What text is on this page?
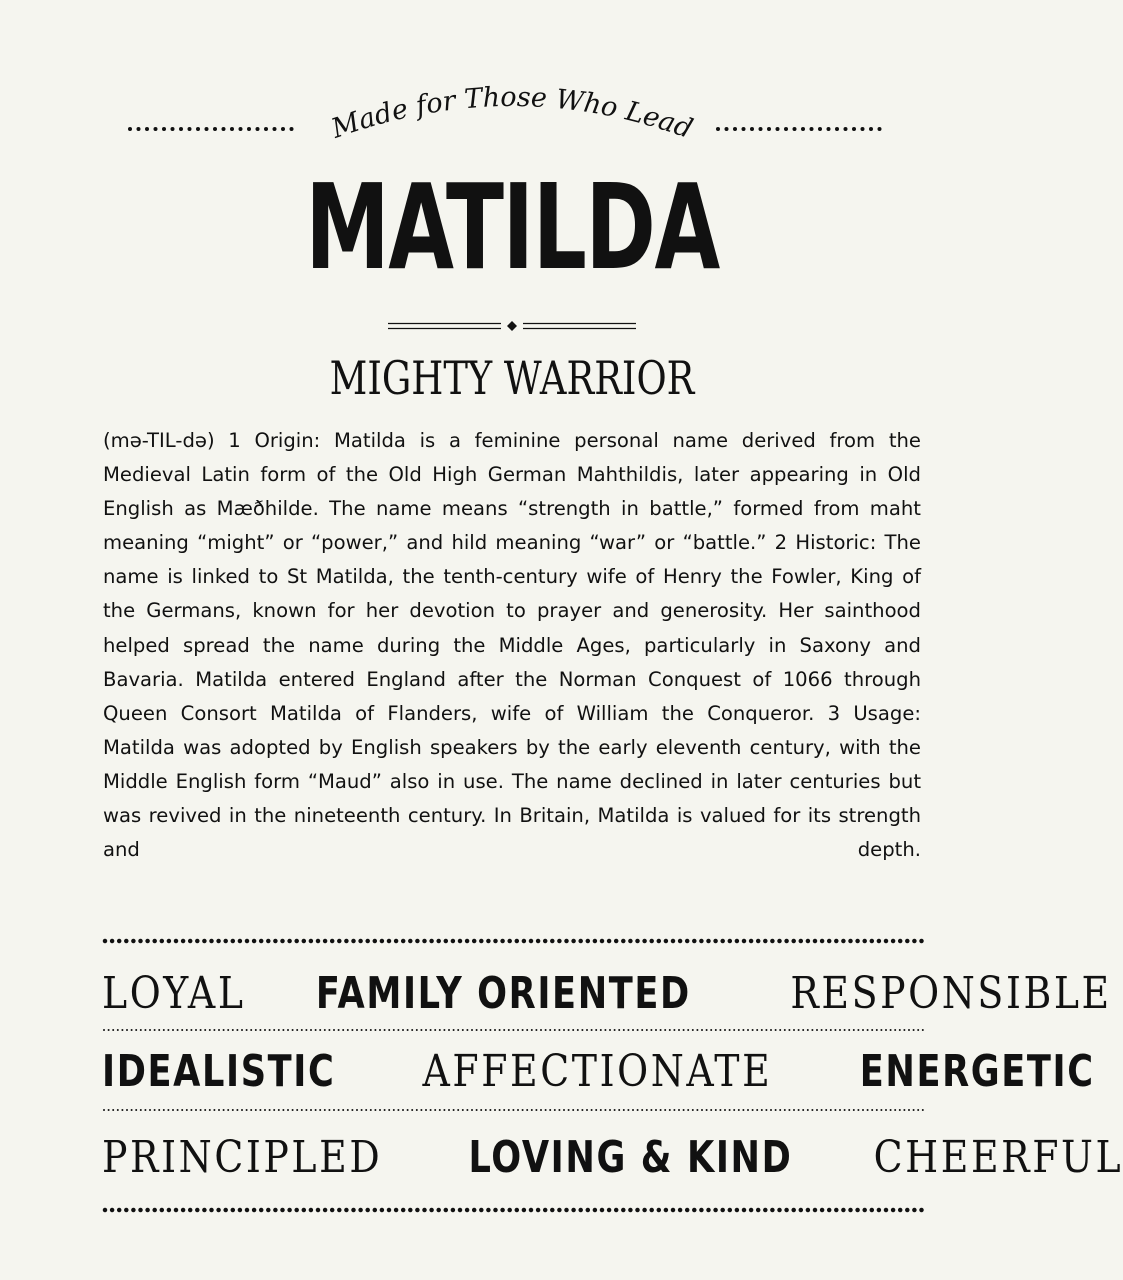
Made for Those Who Lead
MATILDA
MIGHTY WARRIOR

(mə-TIL-də) 1 Origin: Matilda is a feminine personal name derived from the Medieval Latin form of the Old High German Mahthildis, later appearing in Old English as Mæðhilde. The name means “strength in battle,” formed from maht meaning “might” or “power,” and hild meaning “war” or “battle.” 2 Historic: The name is linked to St Matilda, the tenth-century wife of Henry the Fowler, King of the Germans, known for her devotion to prayer and generosity. Her sainthood helped spread the name during the Middle Ages, particularly in Saxony and Bavaria. Matilda entered England after the Norman Conquest of 1066 through Queen Consort Matilda of Flanders, wife of William the Conqueror. 3 Usage: Matilda was adopted by English speakers by the early eleventh century, with the Middle English form “Maud” also in use. The name declined in later centuries but was revived in the nineteenth century. In Britain, Matilda is valued for its strength and depth.

LOYAL FAMILY ORIENTED RESPONSIBLE
IDEALISTIC AFFECTIONATE ENERGETIC
PRINCIPLED LOVING & KIND CHEERFUL
